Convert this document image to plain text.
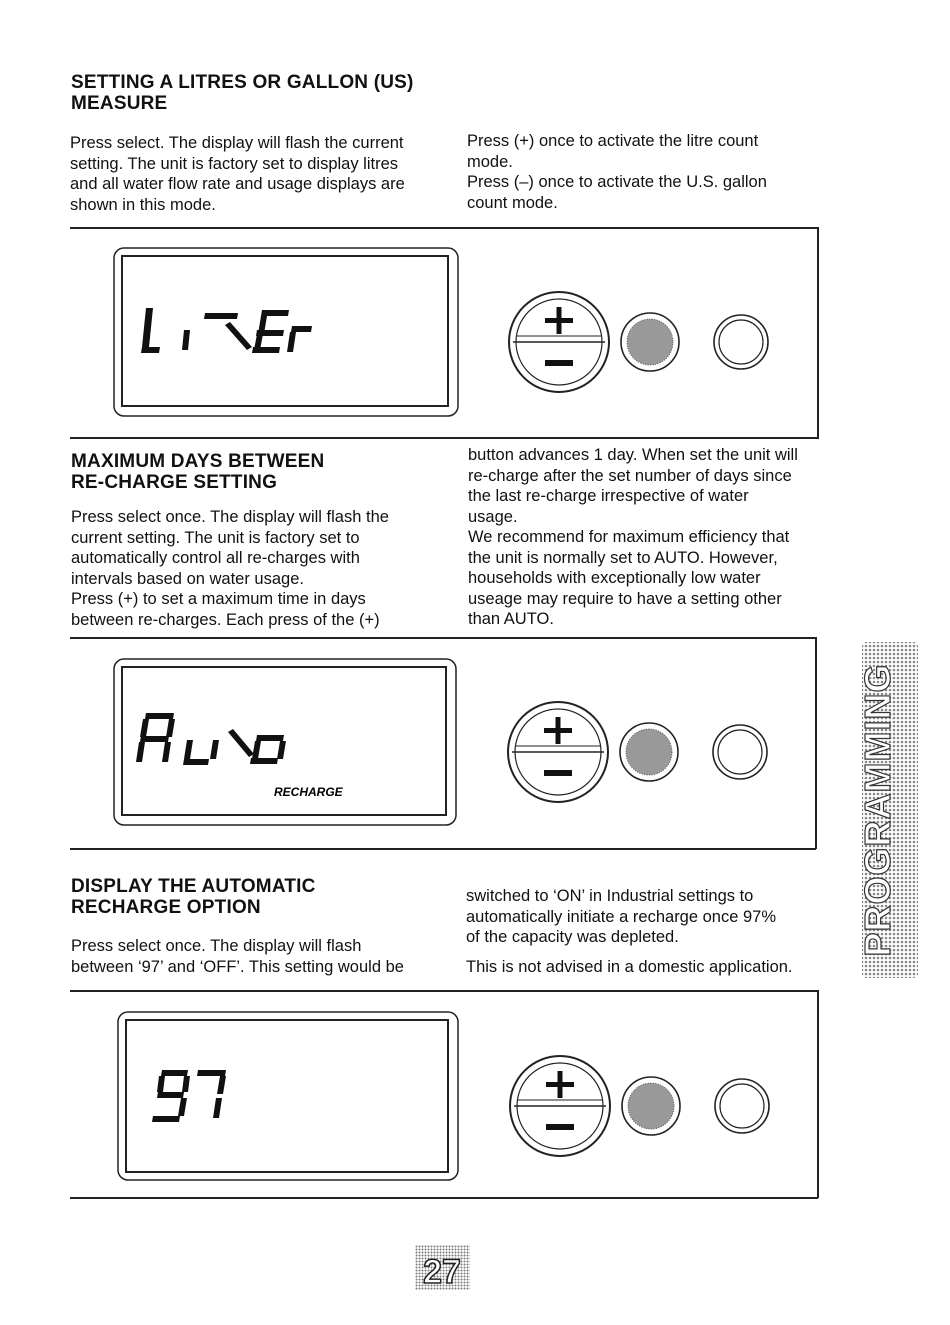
SETTING A LITRES OR GALLON (US)
MEASURE
Press select. The display will flash the current
setting. The unit is factory set to display litres
and all water flow rate and usage displays are
shown in this mode.
Press (+) once to activate the litre count
mode.
Press (–) once to activate the U.S. gallon
count mode.
MAXIMUM DAYS BETWEEN
RE-CHARGE SETTING
Press select once. The display will flash the
current setting. The unit is factory set to
automatically control all re-charges with
intervals based on water usage.
Press (+) to set a maximum time in days
between re-charges. Each press of the (+)
button advances 1 day. When set the unit will
re-charge after the set number of days since
the last re-charge irrespective of water
usage.
We recommend for maximum efficiency that
the unit is normally set to AUTO. However,
households with exceptionally low water
useage may require to have a setting other
than AUTO.
RECHARGE
DISPLAY THE AUTOMATIC
RECHARGE OPTION
Press select once. The display will flash
between ‘97’ and ‘OFF’. This setting would be
switched to ‘ON’ in Industrial settings to
automatically initiate a recharge once 97%
of the capacity was depleted.
This is not advised in a domestic application.
PROGRAMMING
27
